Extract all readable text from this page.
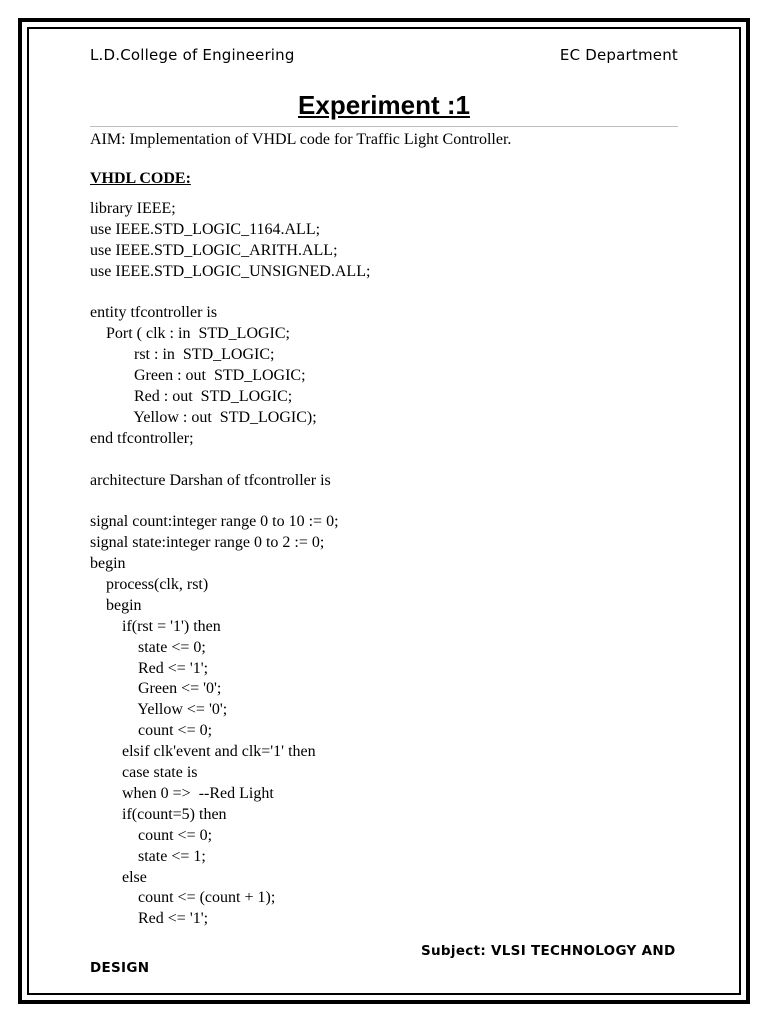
L.D.College of Engineering	EC Department
Experiment :1
AIM: Implementation of VHDL code for Traffic Light Controller.
VHDL CODE:
library IEEE;
use IEEE.STD_LOGIC_1164.ALL;
use IEEE.STD_LOGIC_ARITH.ALL;
use IEEE.STD_LOGIC_UNSIGNED.ALL;
entity tfcontroller is
Port ( clk : in  STD_LOGIC;
rst : in  STD_LOGIC;
Green : out  STD_LOGIC;
Red : out  STD_LOGIC;
Yellow : out  STD_LOGIC);
end tfcontroller;
architecture Darshan of tfcontroller is
signal count:integer range 0 to 10 := 0;
signal state:integer range 0 to 2 := 0;
begin
process(clk, rst)
begin
if(rst = '1') then
state <= 0;
Red <= '1';
Green <= '0';
Yellow <= '0';
count <= 0;
elsif clk'event and clk='1' then
case state is
when 0 =>  --Red Light
if(count=5) then
count <= 0;
state <= 1;
else
count <= (count + 1);
Red <= '1';
Subject: VLSI TECHNOLOGY AND
DESIGN
